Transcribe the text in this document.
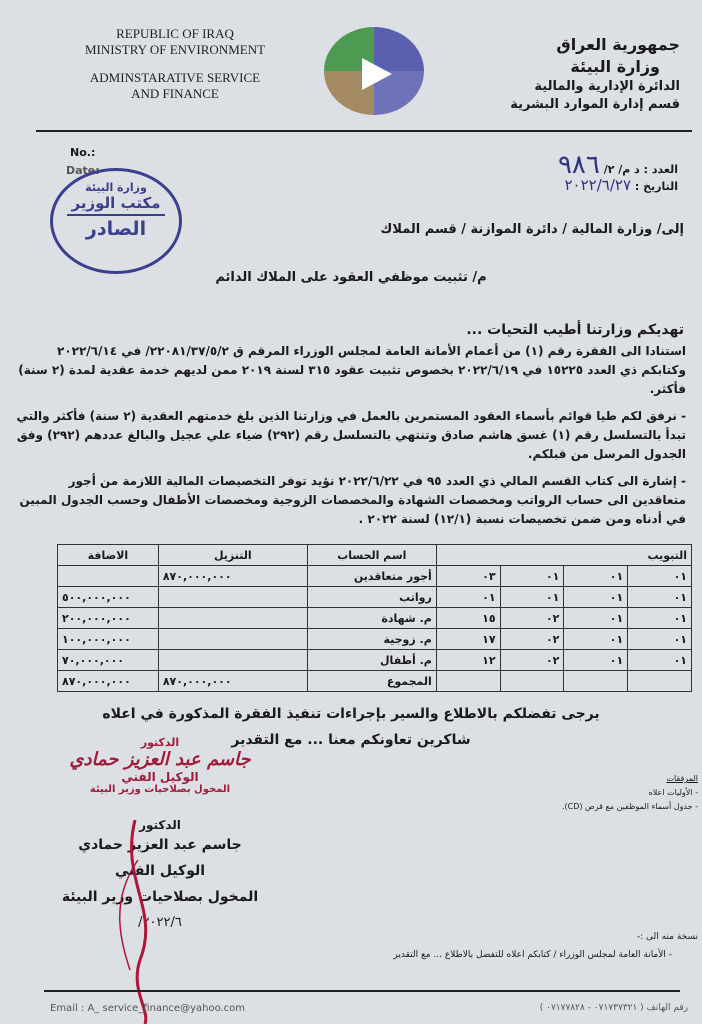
REPUBLIC OF IRAQ
MINISTRY OF ENVIRONMENT
ADMINSTARATIVE SERVICE
AND FINANCE
جمهورية العراق
وزارة البيئة
الدائرة الإدارية والمالية
قسم إدارة الموارد البشرية
No.:
Date:	العدد : د م/ ٢/ ٩٨٦
التاريخ : ٢٠٢٢/٦/٢٧
وزارة البيئة
مكتب الوزير
الصادر	إلى/ وزارة المالية / دائرة الموازنة / قسم الملاك
م/ تثبيت موظفي العقود على الملاك الدائم
تهديكم وزارتنا أطيب التحيات ...

استنادا الى الفقرة رقم (١) من أعمام الأمانة العامة لمجلس الوزراء المرقم ق ٢٢٠٨١/٣٧/٥/٢/ في ٢٠٢٢/٦/١٤ وكتابكم ذي العدد ١٥٢٢٥ في ٢٠٢٢/٦/١٩ بخصوص تثبيت عقود ٣١٥ لسنة ٢٠١٩ ممن لديهم خدمة عقدية لمدة (٢ سنة) فأكثر.

- نرفق لكم طيا قوائم بأسماء العقود المستمرين بالعمل في وزارتنا الذين بلغ خدمتهم العقدية (٢ سنة) فأكثر والتي تبدأ بالتسلسل رقم (١) غسق هاشم صادق وتنتهي بالتسلسل رقم (٢٩٢) ضياء علي عجيل والبالغ عددهم (٢٩٢) وفق الجدول المرسل من قبلكم.

- إشارة الى كتاب القسم المالي ذي العدد ٩٥ في ٢٠٢٢/٦/٢٢ نؤيد توفر التخصيصات المالية اللازمة من أجور متعاقدين الى حساب الرواتب ومخصصات الشهادة والمخصصات الزوجية ومخصصات الأطفال وحسب الجدول المبين في أدناه ومن ضمن تخصيصات نسبة (١٢/١) لسنة ٢٠٢٢ .

التبويب				اسم الحساب	التنزيل	الاضافة
٠١	٠١	٠١	٠٣	أجور متعاقدين	٨٧٠,٠٠٠,٠٠٠	
٠١	٠١	٠١	٠١	رواتب		٥٠٠,٠٠٠,٠٠٠
٠١	٠١	٠٢	١٥	م. شهادة		٢٠٠,٠٠٠,٠٠٠
٠١	٠١	٠٢	١٧	م. زوجية		١٠٠,٠٠٠,٠٠٠
٠١	٠١	٠٢	١٢	م. أطفال		٧٠,٠٠٠,٠٠٠
				المجموع	٨٧٠,٠٠٠,٠٠٠	٨٧٠,٠٠٠,٠٠٠
يرجى تفضلكم بالاطلاع والسير بإجراءات تنفيذ الفقرة المذكورة في اعلاه
شاكرين تعاونكم معنا ... مع التقدير
المرفقات
- الأوليات اعلاه
- جدول أسماء الموظفين مع قرص (CD).
الدكتور
جاسم عبد العزيز حمادي
الوكيل الفني
المخول بصلاحيات وزير البيئة
الدكتور
جاسم عبد العزيز حمادي
الوكيل الفني
المخول بصلاحيات وزير البيئة
٢٠٢٢/٦/
نسخة منه الى :-
- الأمانة العامة لمجلس الوزراء / كتابكم اعلاه للتفضل بالاطلاع ... مع التقدير
Email : A_ service_finance@yahoo.com	رقم الهاتف ( ٠٧١٧٣٧٣٢١ - ٠٧١٧٧٨٢٨ )
